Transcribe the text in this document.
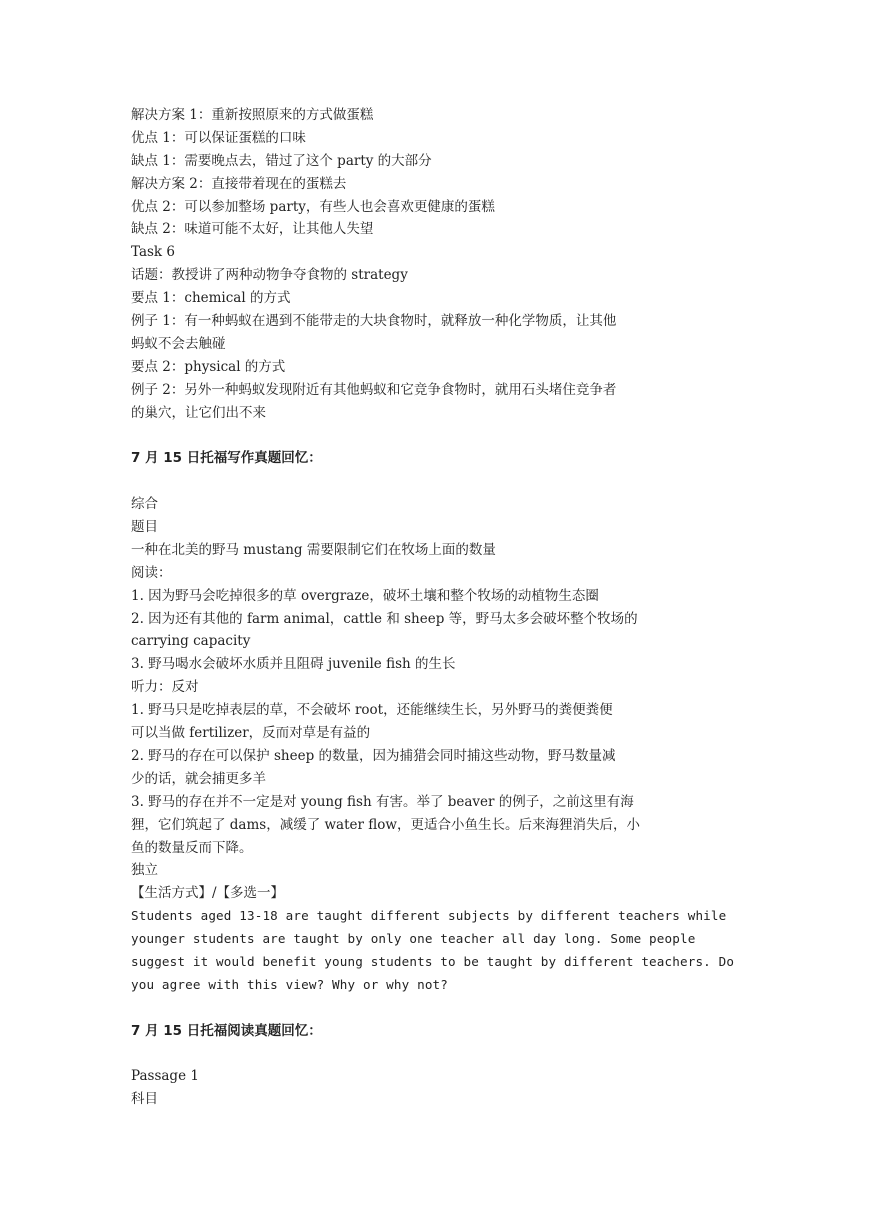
解决方案 1：重新按照原来的方式做蛋糕
优点 1：可以保证蛋糕的口味
缺点 1：需要晚点去，错过了这个 party 的大部分
解决方案 2：直接带着现在的蛋糕去
优点 2：可以参加整场 party，有些人也会喜欢更健康的蛋糕
缺点 2：味道可能不太好，让其他人失望
Task 6
话题：教授讲了两种动物争夺食物的 strategy
要点 1：chemical 的方式
例子 1：有一种蚂蚁在遇到不能带走的大块食物时，就释放一种化学物质，让其他
蚂蚁不会去触碰
要点 2：physical 的方式
例子 2：另外一种蚂蚁发现附近有其他蚂蚁和它竞争食物时，就用石头堵住竞争者
的巢穴，让它们出不来
7 月 15 日托福写作真题回忆：
综合
题目
一种在北美的野马 mustang 需要限制它们在牧场上面的数量
阅读：
1. 因为野马会吃掉很多的草 overgraze，破坏土壤和整个牧场的动植物生态圈
2. 因为还有其他的 farm animal，cattle 和 sheep 等，野马太多会破坏整个牧场的
carrying capacity
3. 野马喝水会破坏水质并且阻碍 juvenile fish 的生长
听力：反对
1. 野马只是吃掉表层的草，不会破坏 root，还能继续生长，另外野马的粪便粪便
可以当做 fertilizer，反而对草是有益的
2. 野马的存在可以保护 sheep 的数量，因为捕猎会同时捕这些动物，野马数量减
少的话，就会捕更多羊
3. 野马的存在并不一定是对 young fish 有害。举了 beaver 的例子，之前这里有海
狸，它们筑起了 dams，减缓了 water flow，更适合小鱼生长。后来海狸消失后，小
鱼的数量反而下降。
独立
【生活方式】/【多选一】
Students aged 13-18 are taught different subjects by different teachers while
younger students are taught by only one teacher all day long. Some people
suggest it would benefit young students to be taught by different teachers. Do
you agree with this view? Why or why not?
7 月 15 日托福阅读真题回忆：
Passage 1
科目
